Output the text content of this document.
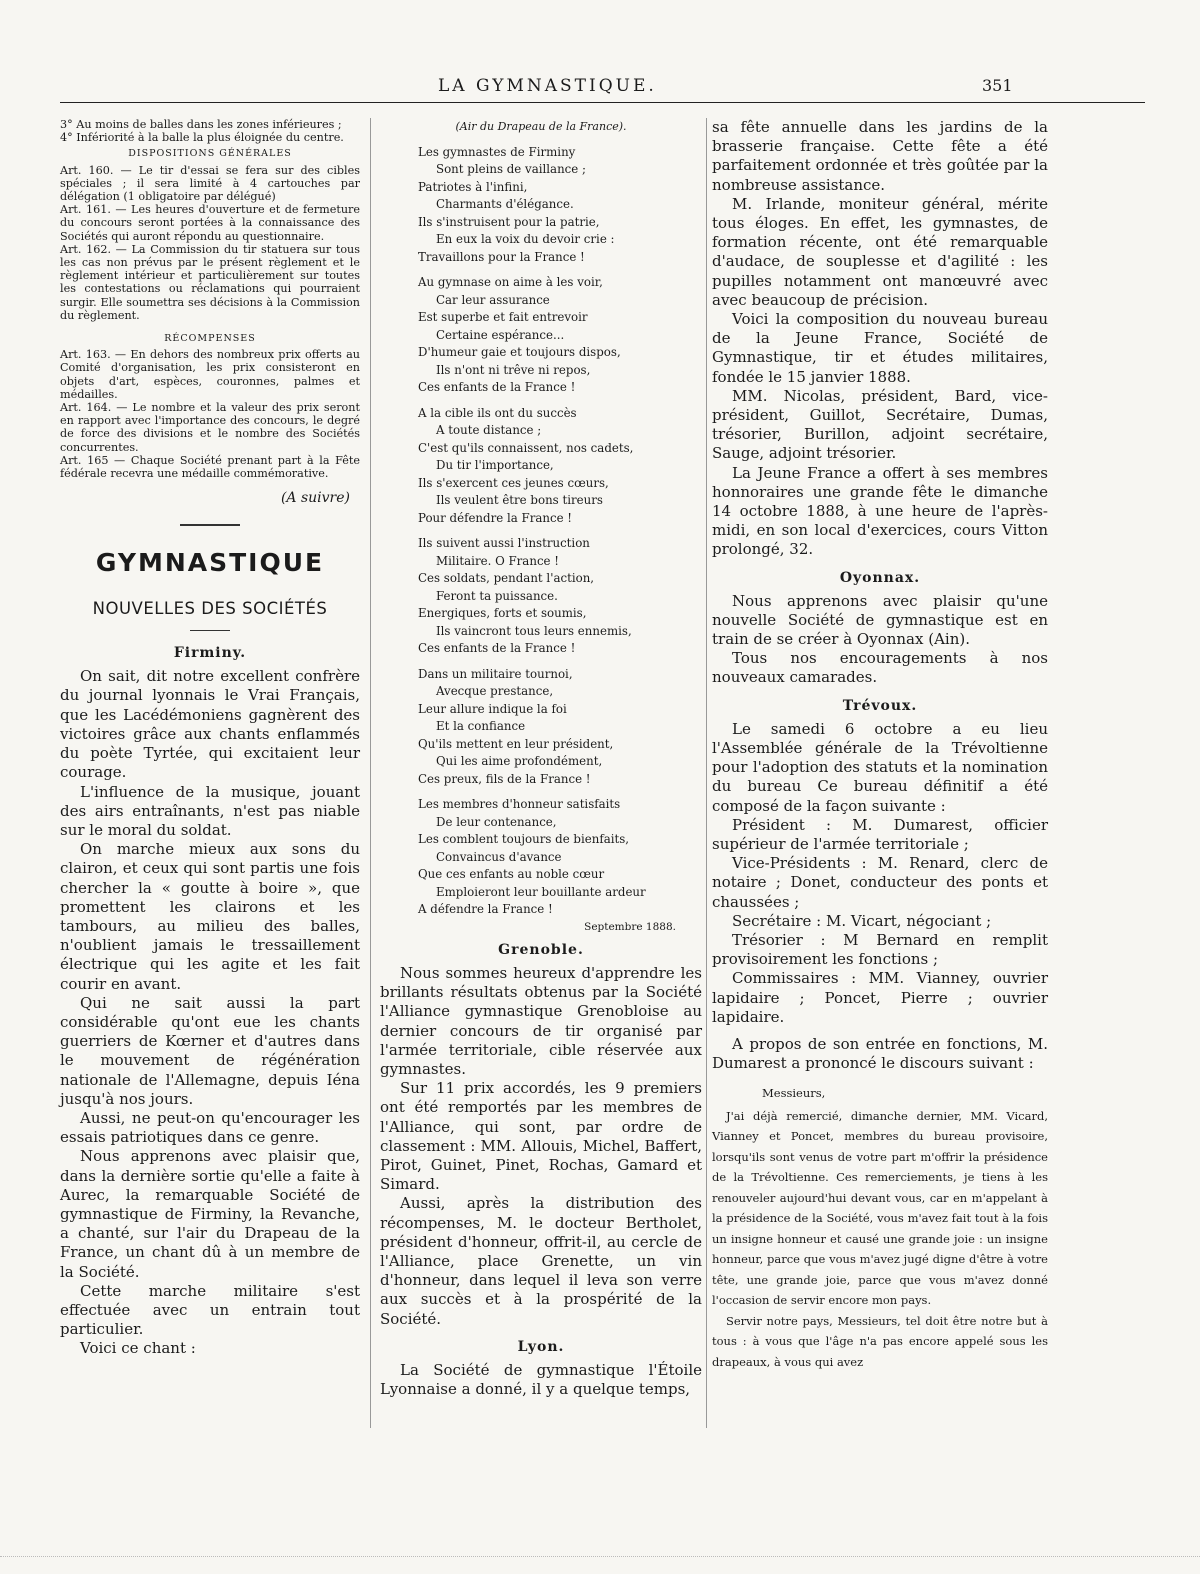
LA GYMNASTIQUE.	351

3° Au moins de balles dans les zones inférieures ;

4° Infériorité à la balle la plus éloignée du centre.

DISPOSITIONS GÉNÉRALES

Art. 160. — Le tir d'essai se fera sur des cibles spéciales ; il sera limité à 4 cartouches par délégation (1 obligatoire par délégué)

Art. 161. — Les heures d'ouverture et de fermeture du concours seront portées à la connaissance des Sociétés qui auront répondu au questionnaire.

Art. 162. — La Commission du tir statuera sur tous les cas non prévus par le présent règlement et le règlement intérieur et particulièrement sur toutes les contestations ou réclamations qui pourraient surgir. Elle soumettra ses décisions à la Commission du règlement.

RÉCOMPENSES

Art. 163. — En dehors des nombreux prix offerts au Comité d'organisation, les prix consisteront en objets d'art, espèces, couronnes, palmes et médailles.

Art. 164. — Le nombre et la valeur des prix seront en rapport avec l'importance des concours, le degré de force des divisions et le nombre des Sociétés concurrentes.

Art. 165 — Chaque Société prenant part à la Fête fédérale recevra une médaille commémorative.

(A suivre)
GYMNASTIQUE
NOUVELLES DES SOCIÉTÉS
Firminy.

On sait, dit notre excellent confrère du journal lyonnais le Vrai Français, que les Lacédémoniens gagnèrent des victoires grâce aux chants enflammés du poète Tyrtée, qui excitaient leur courage.

L'influence de la musique, jouant des airs entraînants, n'est pas niable sur le moral du soldat.

On marche mieux aux sons du clairon, et ceux qui sont partis une fois chercher la « goutte à boire », que promettent les clairons et les tambours, au milieu des balles, n'oublient jamais le tressaillement électrique qui les agite et les fait courir en avant.

Qui ne sait aussi la part considérable qu'ont eue les chants guerriers de Kœrner et d'autres dans le mouvement de régénération nationale de l'Allemagne, depuis Iéna jusqu'à nos jours.

Aussi, ne peut-on qu'encourager les essais patriotiques dans ce genre.

Nous apprenons avec plaisir que, dans la dernière sortie qu'elle a faite à Aurec, la remarquable Société de gymnastique de Firminy, la Revanche, a chanté, sur l'air du Drapeau de la France, un chant dû à un membre de la Société.

Cette marche militaire s'est effectuée avec un entrain tout particulier.

Voici ce chant :

(Air du Drapeau de la France).
Les gymnastes de Firminy
Sont pleins de vaillance ;
Patriotes à l'infini,
Charmants d'élégance.
Ils s'instruisent pour la patrie,
En eux la voix du devoir crie :
Travaillons pour la France !
Au gymnase on aime à les voir,
Car leur assurance
Est superbe et fait entrevoir
Certaine espérance...
D'humeur gaie et toujours dispos,
Ils n'ont ni trêve ni repos,
Ces enfants de la France !
A la cible ils ont du succès
A toute distance ;
C'est qu'ils connaissent, nos cadets,
Du tir l'importance,
Ils s'exercent ces jeunes cœurs,
Ils veulent être bons tireurs
Pour défendre la France !
Ils suivent aussi l'instruction
Militaire. O France !
Ces soldats, pendant l'action,
Feront ta puissance.
Energiques, forts et soumis,
Ils vaincront tous leurs ennemis,
Ces enfants de la France !
Dans un militaire tournoi,
Avecque prestance,
Leur allure indique la foi
Et la confiance
Qu'ils mettent en leur président,
Qui les aime profondément,
Ces preux, fils de la France !
Les membres d'honneur satisfaits
De leur contenance,
Les comblent toujours de bienfaits,
Convaincus d'avance
Que ces enfants au noble cœur
Emploieront leur bouillante ardeur
A défendre la France !
Septembre 1888.
Grenoble.

Nous sommes heureux d'apprendre les brillants résultats obtenus par la Société l'Alliance gymnastique Grenobloise au dernier concours de tir organisé par l'armée territoriale, cible réservée aux gymnastes.

Sur 11 prix accordés, les 9 premiers ont été remportés par les membres de l'Alliance, qui sont, par ordre de classement : MM. Allouis, Michel, Baffert, Pirot, Guinet, Pinet, Rochas, Gamard et Simard.

Aussi, après la distribution des récompenses, M. le docteur Bertholet, président d'honneur, offrit-il, au cercle de l'Alliance, place Grenette, un vin d'honneur, dans lequel il leva son verre aux succès et à la prospérité de la Société.

Lyon.

La Société de gymnastique l'Étoile Lyonnaise a donné, il y a quelque temps,

sa fête annuelle dans les jardins de la brasserie française. Cette fête a été parfaitement ordonnée et très goûtée par la nombreuse assistance.

M. Irlande, moniteur général, mérite tous éloges. En effet, les gymnastes, de formation récente, ont été remarquable d'audace, de souplesse et d'agilité : les pupilles notamment ont manœuvré avec avec beaucoup de précision.

Voici la composition du nouveau bureau de la Jeune France, Société de Gymnastique, tir et études militaires, fondée le 15 janvier 1888.

MM. Nicolas, président, Bard, vice-président, Guillot, Secrétaire, Dumas, trésorier, Burillon, adjoint secrétaire, Sauge, adjoint trésorier.

La Jeune France a offert à ses membres honnoraires une grande fête le dimanche 14 octobre 1888, à une heure de l'après-midi, en son local d'exercices, cours Vitton prolongé, 32.

Oyonnax.

Nous apprenons avec plaisir qu'une nouvelle Société de gymnastique est en train de se créer à Oyonnax (Ain).

Tous nos encouragements à nos nouveaux camarades.

Trévoux.

Le samedi 6 octobre a eu lieu l'Assemblée générale de la Trévoltienne pour l'adoption des statuts et la nomination du bureau Ce bureau définitif a été composé de la façon suivante :

Président : M. Dumarest, officier supérieur de l'armée territoriale ;

Vice-Présidents : M. Renard, clerc de notaire ; Donet, conducteur des ponts et chaussées ;

Secrétaire : M. Vicart, négociant ;

Trésorier : M Bernard en remplit provisoirement les fonctions ;

Commissaires : MM. Vianney, ouvrier lapidaire ; Poncet, Pierre ; ouvrier lapidaire.

A propos de son entrée en fonctions, M. Dumarest a prononcé le discours suivant :

Messieurs,

J'ai déjà remercié, dimanche dernier, MM. Vicard, Vianney et Poncet, membres du bureau provisoire, lorsqu'ils sont venus de votre part m'offrir la présidence de la Trévoltienne. Ces remerciements, je tiens à les renouveler aujourd'hui devant vous, car en m'appelant à la présidence de la Société, vous m'avez fait tout à la fois un insigne honneur et causé une grande joie : un insigne honneur, parce que vous m'avez jugé digne d'être à votre tête, une grande joie, parce que vous m'avez donné l'occasion de servir encore mon pays.

Servir notre pays, Messieurs, tel doit être notre but à tous : à vous que l'âge n'a pas encore appelé sous les drapeaux, à vous qui avez
